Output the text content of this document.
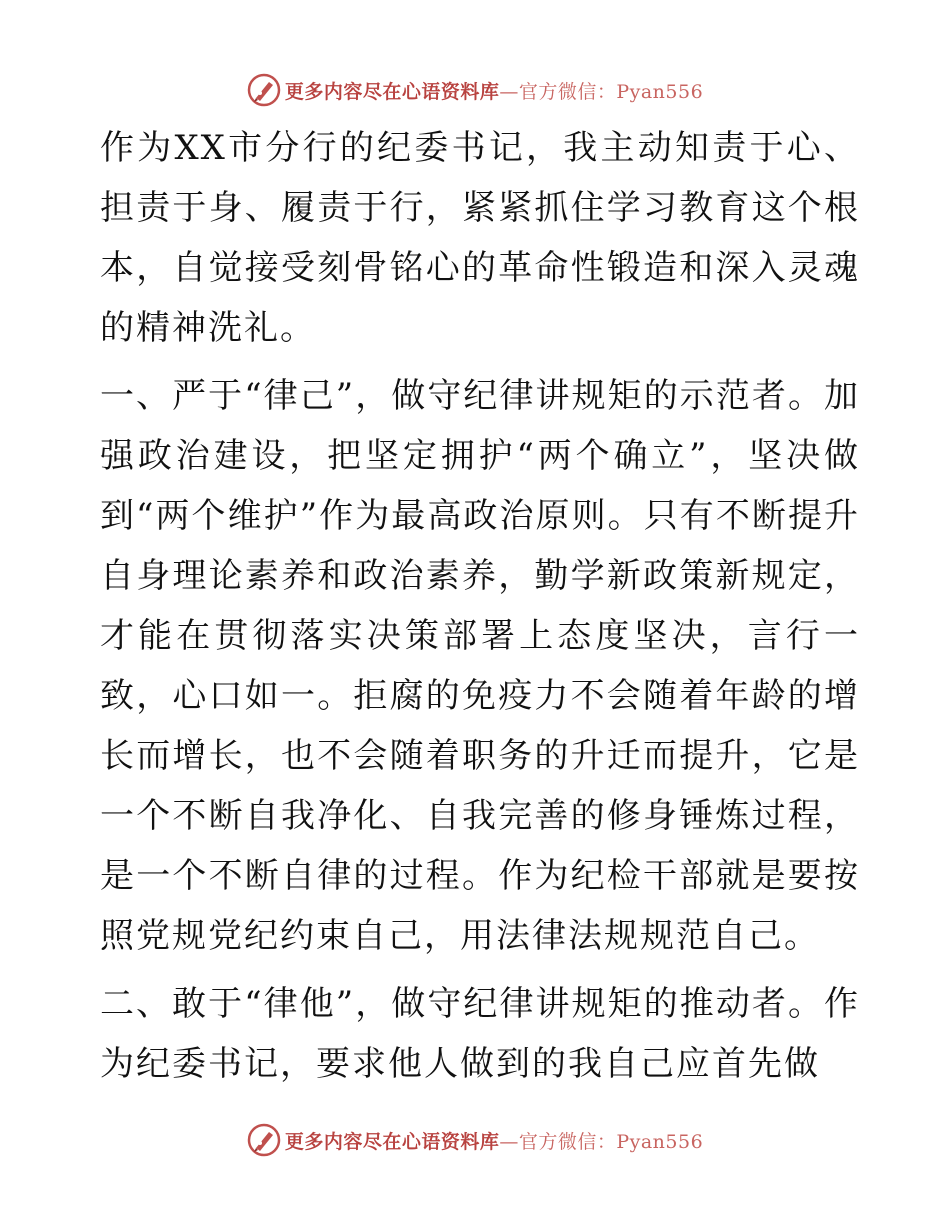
更多内容尽在心语资料库—官方微信：Pyan556

作为XX市分行的纪委书记，我主动知责于心、担责于身、履责于行，紧紧抓住学习教育这个根本，自觉接受刻骨铭心的革命性锻造和深入灵魂的精神洗礼。

一、严于“律己”，做守纪律讲规矩的示范者。加强政治建设，把坚定拥护“两个确立”，坚决做到“两个维护”作为最高政治原则。只有不断提升自身理论素养和政治素养，勤学新政策新规定，才能在贯彻落实决策部署上态度坚决，言行一致，心口如一。拒腐的免疫力不会随着年龄的增长而增长，也不会随着职务的升迁而提升，它是一个不断自我净化、自我完善的修身锤炼过程，是一个不断自律的过程。作为纪检干部就是要按照党规党纪约束自己，用法律法规规范自己。

二、敢于“律他”，做守纪律讲规矩的推动者。作为纪委书记，要求他人做到的我自己应首先做

更多内容尽在心语资料库—官方微信：Pyan556
